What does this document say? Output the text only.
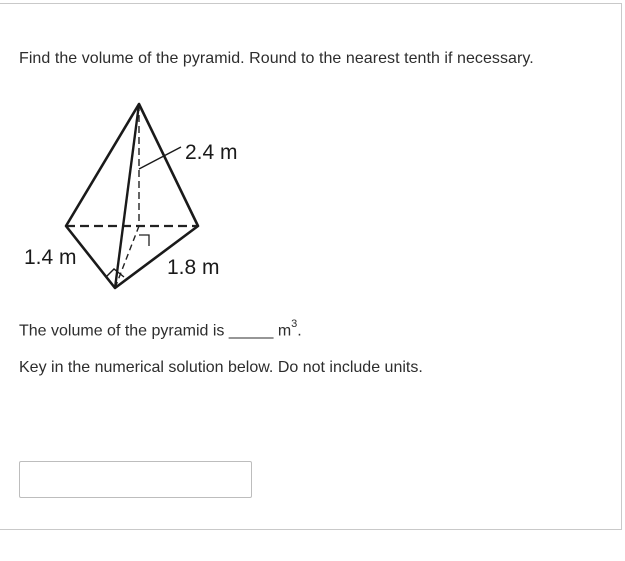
Find the volume of the pyramid. Round to the nearest tenth if necessary.
2.4 m
1.4 m	1.8 m
The volume of the pyramid is _____ $m^3$.
Key in the numerical solution below. Do not include units.
